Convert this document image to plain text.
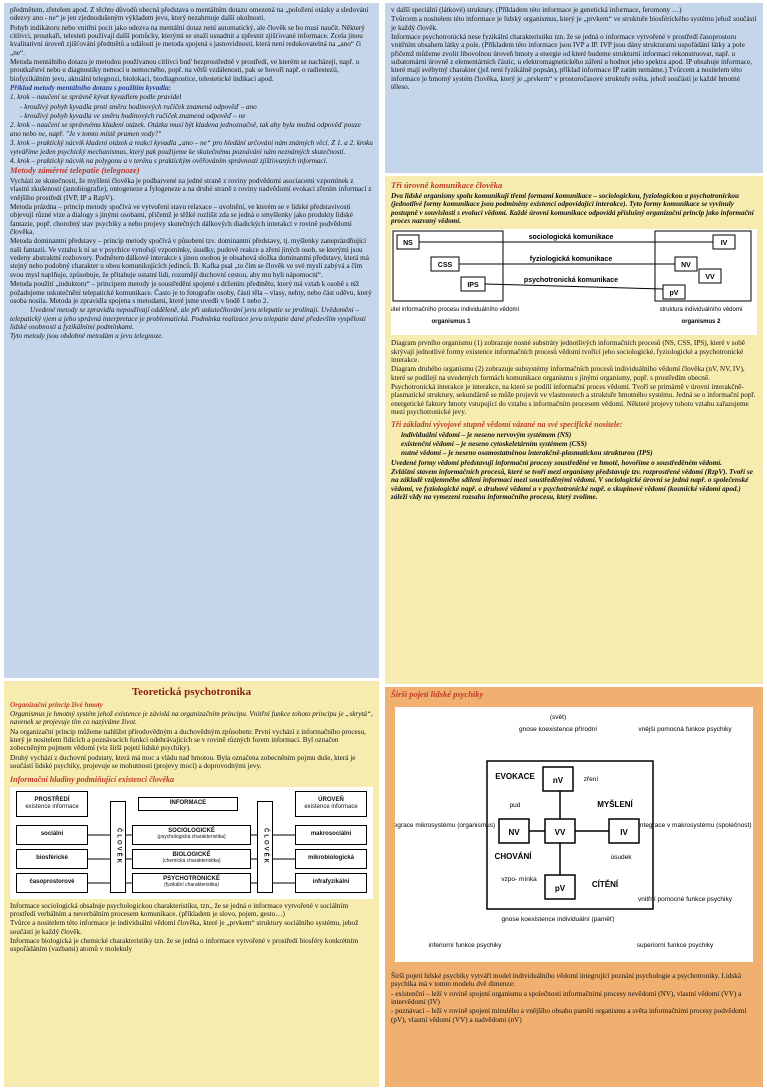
předmětem, zřetelem apod. Z těchto důvodů obecná představa o mentálním dotazu omezená na „položení otázky a sledování odezvy ano - ne“ je jen zjednodušeným výkladem jevu, který nezahrnuje další okolnosti.

Pohyb indikátoru nebo vnitřní pocit jako odezva na mentální dotaz není automatický, ale člověk se ho musí naučit. Některý citlivci, proutkaři, telesteti používají další pomůcky, kterými se snaží usnadnit a zpřesnit zjišťované informace. Zcela jinou kvalitativní úroveň zjišťování předmětů a událostí je metoda spojená s jasnovidností, která není redukovatelná na „ano“ či „ne“.

Metoda mentálního dotazu je metodou používanou citlivci bud' bezprostředně v prostředí, ve kterém se nacházejí, např. u proutkařství nebo u diagnostiky nemocí u nemocného, popř. na větší vzdálenosti, pak se hovoří např. o radiestezii, biofyzikálním jevu, aktuální telegnozi, biolokaci, biodiagnostice, telestetické indikaci apod.

Příklad metody mentálního dotazu s použitím kyvadla:

1. krok – naučení se správně kývat kyvadlem podle pravidel

- krouživý pohyb kyvadla proti směru hodinových ručiček znamená odpověď – ano

- krouživý pohyb kyvadla ve směru hodinových ručiček znamená odpověď – ne

2. krok – naučení se správnému kladení otázek. Otázka musí být kladena jednoznačně, tak aby byla možná odpověď pouze ano nebo ne, např. "Je v tomto místě pramen vody?"

3. krok – praktický nácvik kladení otázek a reakcí kyvadla „ano – ne“ pro hledání určování nám známých věcí. Z 1. a 2. kroku vytváříme jeden psychický mechanismus, který pak použijeme ke skutečnému poznávání nám neznámých skutečností.

4. krok – praktický nácvik na polygonu a v terénu s praktickým ověřováním správnosti zjišťovaných informací.

Metody záměrné telepatie (telegnoze)

Vychází ze skutečnosti, že myšlení člověka je podbarvené na jedné straně z roviny podvědomí asociacemi vzpomínek z vlastní zkušenosti (autobiografie), ontogeneze a fylogeneze a na druhé straně z roviny nadvědomí evokací zřením informací z vnějšího prostředí (IVP, IP a RzpV).

Metoda prázdna – princip metody spočívá ve vytvoření stavu relaxace – uvolnění, ve kterém se v lidské představivosti objevují různé vize a dialogy s jinými osobami, přičemž je těžké rozlišit zda se jedná o smyšlenky jako produkty lidské fantazie, popř. chorobný stav psychiky a nebo projevy skutečných dálkových diadických interakcí v rovině podvědomí člověka.

Metoda dominantní představy – princip metody spočívá v působení tzv. dominantní představy, tj. myšlenky zaneprázdňující naši fantazii. Ve vztahu k ní se v psychice vynořují vzpomínky, úsudky, pudové reakce a zření jiných osob, se kterými jsou vedeny abstraktní rozhovory. Podnětem dálkové interakce s jinou osobou je obsahová složka dominantní představy, která má stejný nebo podobný charakter u obou komunikujících jedinců. B. Kafka psal „to čím se člověk ve své mysli zabývá a čím svou mysl naplňuje, způsobuje, že přitahuje ostatní lidi, rozumějí duchovní cestou, aby mu byli nápomocní“.

Metoda použití „induktoru“ – principem metody je soustředění spojené s držením předmětu, který má vztah k osobě s níž požadujeme uskutečnění telepatické komunikace. Často je to fotografie osoby, části těla – vlasy, nehty, nebo část oděvu, který osoba nosila. Metoda je zpravidla spojena s metodami, které jsme uvedli v bodě 1 nebo 2.

Uvedené metody se zpravidla nepoužívají odděleně, ale při uskutečňování jevu telepatie se prolínají. Uvědomění – telepatický vjem a jeho správná interpretace je problematická. Podmínka realizace jevu telepatie dané především vyspělostí lidské osobnosti a fyzikálními podmínkami.

Tyto metody jsou obdobné metodám u jevu telegnoze.

Teoretická psychotronika

Organizační princip živé hmoty

Organismus je hmotný systém jehož existence je závislá na organizačním principu. Vnitřní funkce tohoto principu je „skrytá“, navenek se projevuje tím co nazýváme život.

Na organizační princip můžeme nahlížet přírodovědným a duchovědným způsobem: První vychází z informačního procesu, který je nositelem řídicích a poznávacích funkcí odehrávajících se v rovině různých forem informací. Byl označen zobecněným pojmem vědomí (viz širší pojetí lidské psychiky).

Druhý vychází z duchovní podstaty, která má moc a vládu nad hmotou. Byla označena zobecněním pojmu duše, která je součástí lidské psychiky, projevuje se mohutností (projevy mocí) a doprovodnými jevy.

Informační hladiny podmiňující existenci člověka

PROSTŘEDÍ
existence informace
INFORMACE
ÚROVEŇ
existence informace
ČLOVĚK	ČLOVĚK
sociální
biosférické
časoprostorové
makrosociální
mikrobiologická
infrafyzikální
SOCIOLOGICKÉ
(psychologická charakteristika)
BIOLOGICKÉ
(chemická charakteristika)
PSYCHOTRONICKÉ
(fyzikální charakteristika)

Informace sociologická obsahuje psychologickou charakteristiku, tzn., že se jedná o informace vytvořené v sociálním prostředí verbálním a neverbálním procesem komunikace. (příkladem je slovo, pojem, gesto…)

Tvůrce a nositelem této informace je individuální vědomí člověka, které je „prvkem“ struktury sociálního systému, jehož součástí je každý člověk.

Informace biologická je chemické charakteristiky tzn. že se jedná o informace vytvořené v prostředí biosféry konkrétním uspořádáním (vazbami) atomů v molekuly

v další speciální (látkové) struktury. (Příkladem této informace je genetická informace, feromony …)

Tvůrcem a nositelem této informace je lidský organismus, který je „prvkem“ ve struktuře biosférického systému jehož součástí je každý člověk.

Informace psychotronická nese fyzikální charakteristiku tzn. že se jedná o informace vytvořené v prostředí časoprostoru vnitřním obsahem látky a pole. (Příkladem této informace jsou IVP a IP. IVP jsou dány strukturami uspořádání látky a pole přičemž můžeme zvolit libovolnou úroveň hmoty a energie od které budeme strukturní informaci rekonstruovat, např. u subatomární úrovně z elementárních částic, u elektromagnetického záření u hodnot jeho spektra apod. IP obsahuje informace, které mají svébytný charakter (jež není fyzikálně popsán), příklad informace IP zatím nemáme.) Tvůrcem a nositelem této informace je hmotný systém člověka, který je „prvkem“ v prostoročasové struktuře světa, jehož součástí je každé hmotné těleso.

Tři úrovně komunikace člověka

Dva lidské organismy spolu komunikují třemi formami komunikace – sociologickou, fyziologickou a psychotronickou (jednotlivé formy komunikace jsou podmíněny existencí odpovídající interakce). Tyto formy komunikace se vyvinuly postupně v souvislosti s evolucí vědomí. Každé úrovni komunikace odpovídá příslušný organizační princip jako informační proces nazvaný vědomí.

NS
CSS
IPS
IV
NV
VV
pV
sociologická komunikace
fyziologická komunikace
psychotronická komunikace
nositel informačního procesu individuálního vědomí
organismus 1
struktura individuálního vědomí
organismus 2

Diagram prvního organismu (1) zobrazuje nosné substráty jednotlivých informačních procesů (NS, CSS, IPS), které v sobě skrývají jednotlivé formy existence informačních procesů vědomí tvořící jeho sociologické, fyziologické a psychotronické interakce.

Diagram druhého organismu (2) zobrazuje subsystémy informačních procesů individuálního vědomí člověka (nV, NV, IV), které se podílejí na uvedených formách komunikace organismu s jinými organismy, popř. s prostředím obecně.

Psychotronická interakce je interakce, na které se podílí informační proces vědomí. Tvoří se primárně v úrovni interakčně-plasmatické struktury, sekundárně se může projevit ve vlastnostech a struktuře hmotného systému. Jedná se o informační popř. energetické faktory hmoty vstupující do vztahu s informačním procesem vědomí. Některé projevy tohoto vztahu zařazujeme mezi psychotronické jevy.

Tři základní vývojové stupně vědomí vázané na své specifické nositele:

individuální vědomí – je neseno nervovým systémem (NS)

existenční vědomí – je neseno cytoskeletárním systémem (CSS)

nutné vědomí – je neseno osamostatněnou interakčně-plasmatickou strukturou (IPS)

Uvedené formy vědomí představují informační procesy soustředěné ve hmotě, hovoříme o soustředěném vědomí.

Zvláštní stavem informačních procesů, které se tvoří mezi organismy představuje tzv. rozprostřené vědomí (RzpV). Tvoří se na základě vzájemného sdílení informací mezi soustředěnými vědomí. V sociologické úrovni se jedná např. o společenské vědomí, ve fyziologické např. o druhové vědomí a v psychotronické např. o skupinové vědomí (kosmické vědomí apod.) záleží vždy na vymezení rozsahu informačního procesu, který zvolíme.

Širší pojetí lidské psychiky

nV
NV	VV	IV
pV
EVOKACE
MYŠLENÍ
CHOVÁNÍ
CÍTĚNÍ
(svět)
gnose koexistence přírodní
zření
vnější pomocná funkce psychiky
pud
integrace mikrosystému (organismus)	integrace v makrosystému (společnost)
úsudek
vzpo- mínka
gnose koexistence individuální (paměť)
vnitřní pomocné funkce psychiky
inferiorní funkce psychiky	superiorní funkce psychiky

Širší pojetí lidské psychiky vytváří model individuálního vědomí integrující poznání psychologie a psychotroniky. Lidská psychika má v tomto modelu dvě dimenze:

- existenční – leží v rovině spojení organismu a společnosti informačními procesy nevědomí (NV), vlastní vědomí (VV) a intervědomí (IV)

- poznávací – leží v rovině spojení minulého a vnějšího obsahu paměti organismu a světa informačními procesy podvědomí (pV), vlastní vědomí (VV) a nadvědomí (nV)
